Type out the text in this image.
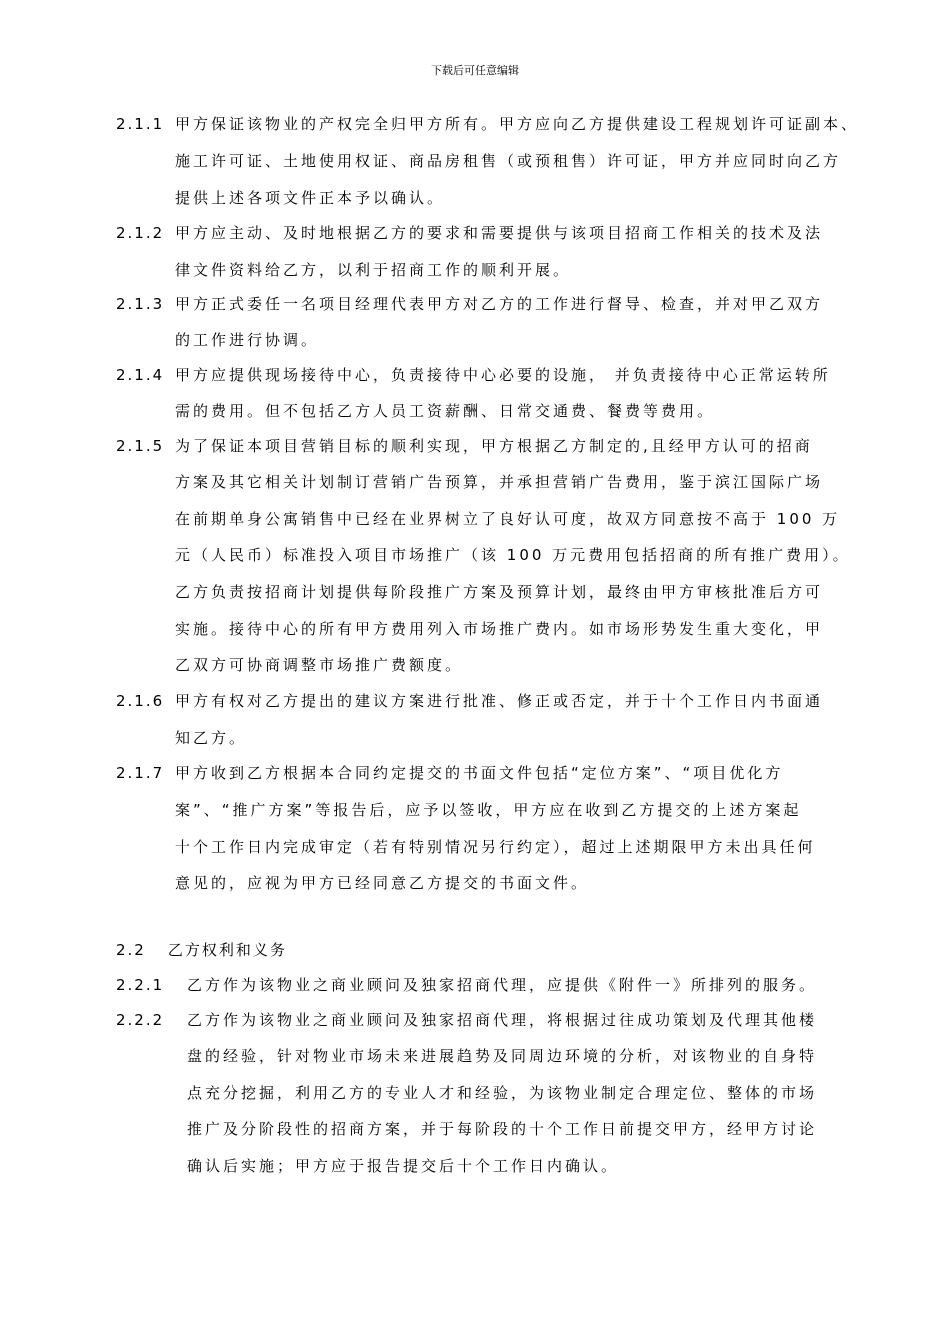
下载后可任意编辑
2.1.1 甲方保证该物业的产权完全归甲方所有。甲方应向乙方提供建设工程规划许可证副本、
施工许可证、土地使用权证、商品房租售（或预租售）许可证，甲方并应同时向乙方
提供上述各项文件正本予以确认。
2.1.2 甲方应主动、及时地根据乙方的要求和需要提供与该项目招商工作相关的技术及法
律文件资料给乙方，以利于招商工作的顺利开展。
2.1.3 甲方正式委任一名项目经理代表甲方对乙方的工作进行督导、检查，并对甲乙双方
的工作进行协调。
2.1.4 甲方应提供现场接待中心，负责接待中心必要的设施， 并负责接待中心正常运转所
需的费用。但不包括乙方人员工资薪酬、日常交通费、餐费等费用。
2.1.5 为了保证本项目营销目标的顺利实现，甲方根据乙方制定的,且经甲方认可的招商
方案及其它相关计划制订营销广告预算，并承担营销广告费用，鉴于滨江国际广场
在前期单身公寓销售中已经在业界树立了良好认可度，故双方同意按不高于 100 万
元（人民币）标准投入项目市场推广（该 100 万元费用包括招商的所有推广费用）。
乙方负责按招商计划提供每阶段推广方案及预算计划，最终由甲方审核批准后方可
实施。接待中心的所有甲方费用列入市场推广费内。如市场形势发生重大变化，甲
乙双方可协商调整市场推广费额度。
2.1.6 甲方有权对乙方提出的建议方案进行批准、修正或否定，并于十个工作日内书面通
知乙方。
2.1.7 甲方收到乙方根据本合同约定提交的书面文件包括“定位方案”、“项目优化方
案”、“推广方案”等报告后，应予以签收，甲方应在收到乙方提交的上述方案起
十个工作日内完成审定（若有特别情况另行约定），超过上述期限甲方未出具任何
意见的，应视为甲方已经同意乙方提交的书面文件。
2.2 乙方权利和义务
2.2.1 乙方作为该物业之商业顾问及独家招商代理，应提供《附件一》所排列的服务。
2.2.2 乙方作为该物业之商业顾问及独家招商代理，将根据过往成功策划及代理其他楼
盘的经验，针对物业市场未来进展趋势及同周边环境的分析，对该物业的自身特
点充分挖掘，利用乙方的专业人才和经验，为该物业制定合理定位、整体的市场
推广及分阶段性的招商方案，并于每阶段的十个工作日前提交甲方，经甲方讨论
确认后实施；甲方应于报告提交后十个工作日内确认。
